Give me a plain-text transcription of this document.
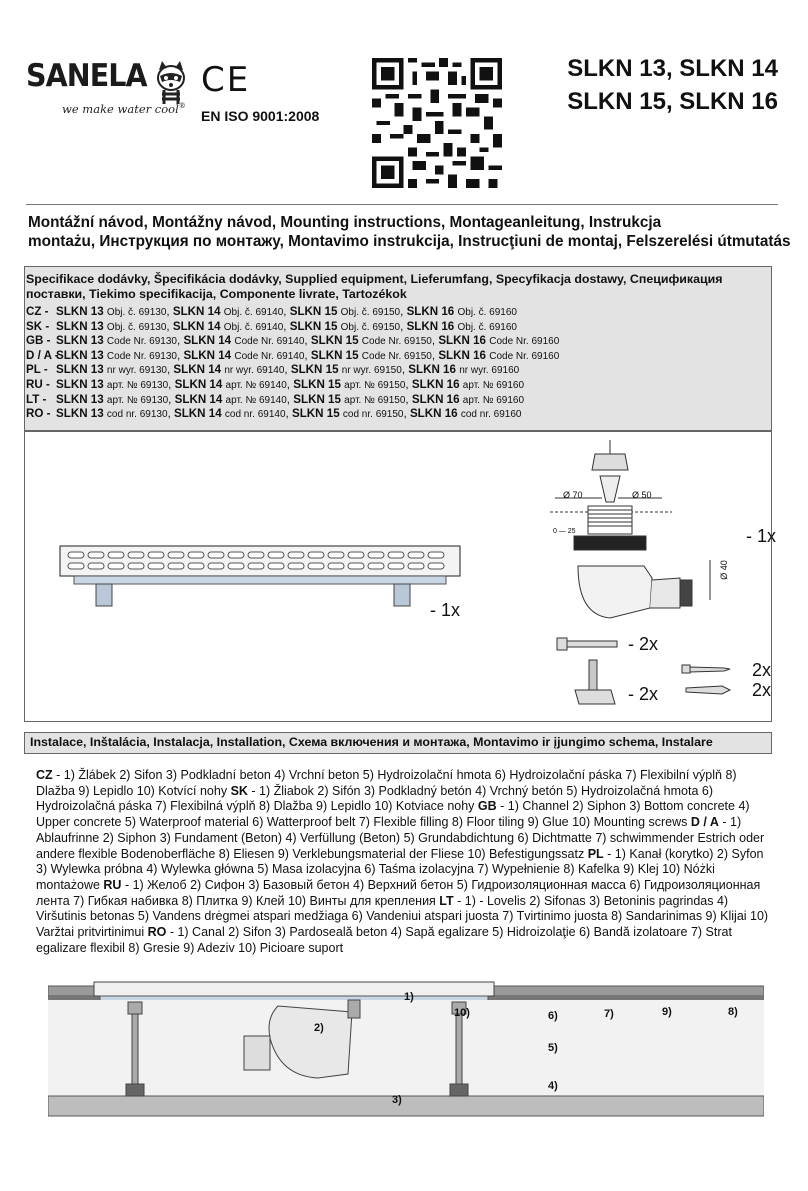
SANELA
we make water cool®
CE
EN ISO 9001:2008
SLKN 13, SLKN 14
SLKN 15, SLKN 16
Montážní návod, Montážny návod, Mounting instructions, Montageanleitung, Instrukcja
montażu, Инструкция по монтажу, Montavimo instrukcija, Instrucţiuni de montaj, Felszerelési útmutatás
Specifikace dodávky, Špecifikácia dodávky, Supplied equipment, Lieferumfang, Specyfikacja dostawy, Спецификация поставки, Tiekimo specifikacija, Componente livrate, Tartozékok
CZ - SLKN 13 Obj. č. 69130, SLKN 14 Obj. č. 69140, SLKN 15 Obj. č. 69150, SLKN 16 Obj. č. 69160
SK - SLKN 13 Obj. č. 69130, SLKN 14 Obj. č. 69140, SLKN 15 Obj. č. 69150, SLKN 16 Obj. č. 69160
GB - SLKN 13 Code Nr. 69130, SLKN 14 Code Nr. 69140, SLKN 15 Code Nr. 69150, SLKN 16 Code Nr. 69160
D / A -SLKN 13 Code Nr. 69130, SLKN 14 Code Nr. 69140, SLKN 15 Code Nr. 69150, SLKN 16 Code Nr. 69160
PL - SLKN 13 nr wyr. 69130, SLKN 14 nr wyr. 69140, SLKN 15 nr wyr. 69150, SLKN 16 nr wyr. 69160
RU - SLKN 13 арт. № 69130, SLKN 14 арт. № 69140, SLKN 15 арт. № 69150, SLKN 16 арт. № 69160
LT - SLKN 13 арт. № 69130, SLKN 14 арт. № 69140, SLKN 15 арт. № 69150, SLKN 16 арт. № 69160
RO - SLKN 13 cod nr. 69130, SLKN 14 cod nr. 69140, SLKN 15 cod nr. 69150, SLKN 16 cod nr. 69160
- 1x
Ø 70	Ø 50
0 — 25
Ø 40
- 1x
- 2x
- 2x
2x
2x
Instalace, Inštalácia, Instalacja, Installation, Схема включения и монтажа, Montavimo ir įjungimo schema, Instalare
CZ - 1) Žlábek 2) Sifon 3) Podkladní beton 4) Vrchní beton 5) Hydroizolační hmota 6) Hydroizolační páska 7) Flexibilní výplň 8) Dlažba 9) Lepidlo 10) Kotvící nohy SK - 1) Žliabok 2) Sifón 3) Podkladný betón 4) Vrchný betón 5) Hydroizolačná hmota 6) Hydroizolačná páska 7) Flexibilná výplň 8) Dlažba 9) Lepidlo 10) Kotviace nohy GB - 1) Channel 2) Siphon 3) Bottom concrete 4) Upper concrete 5) Waterproof material 6) Watterproof belt 7) Flexible filling 8) Floor tiling 9) Glue 10) Mounting screws D / A - 1) Ablaufrinne 2) Siphon 3) Fundament (Beton) 4) Verfüllung (Beton) 5) Grundabdichtung 6) Dichtmatte 7) schwimmender Estrich oder andere flexible Bodenoberfläche 8) Eliesen 9) Verklebungsmaterial der Fliese 10) Befestigungssatz PL - 1) Kanał (korytko) 2) Syfon 3) Wylewka próbna 4) Wylewka główna 5) Masa izolacyjna 6) Taśma izolacyjna 7) Wypełnienie 8) Kafelka 9) Klej 10) Nóżki montażowe RU - 1) Желоб 2) Сифон 3) Базовый бетон 4) Верхний бетон 5) Гидроизоляционная масса 6) Гидроизоляционная лента 7) Гибкая набивка 8) Плитка 9) Клей 10) Винты для крепления LT - 1) - Lovelis 2) Sifonas 3) Betoninis pagrindas 4) Viršutinis betonas 5) Vandens drėgmei atspari medžiaga 6) Vandeniui atspari juosta 7) Tvirtinimo juosta 8) Sandarinimas 9) Klijai 10) Varžtai pritvirtinimui RO - 1) Canal 2) Sifon 3) Pardoseală beton 4) Sapă egalizare 5) Hidroizolaţie 6) Bandă izolatoare 7) Strat egalizare flexibil 8) Gresie 9) Adeziv 10) Picioare suport
1)
2)
3)
4)
5)
6)	7)	9)	8)
10)
